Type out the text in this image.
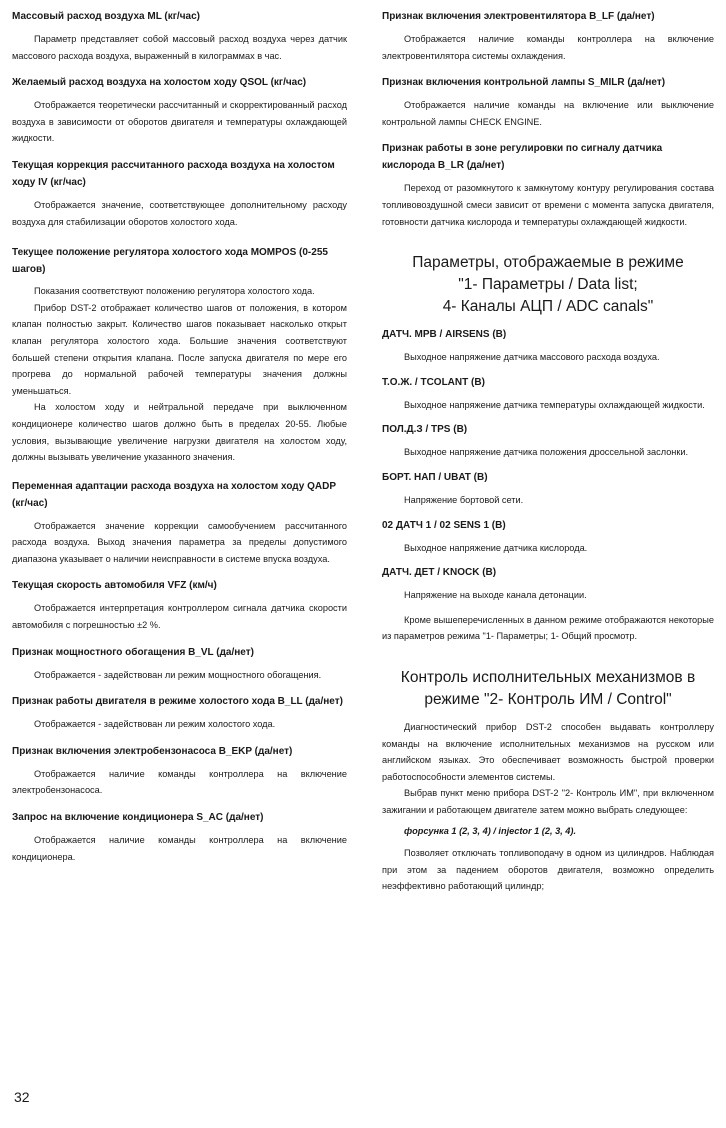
Массовый расход воздуха ML (кг/час)

Параметр представляет собой массовый расход воздуха через датчик массового расхода воздуха, выраженный в килограммах в час.

Желаемый расход воздуха на холостом ходу QSOL (кг/час)

Отображается теоретически рассчитанный и скорректированный расход воздуха в зависимости от оборотов двигателя и температуры охлаждающей жидкости.

Текущая коррекция рассчитанного расхода воздуха на холостом ходу IV (кг/час)

Отображается значение, соответствующее дополнительному расходу воздуха для стабилизации оборотов холостого хода.

Текущее положение регулятора холостого хода MOMPOS (0-255 шагов)

Показания соответствуют положению регулятора холостого хода.

Прибор DST-2 отображает количество шагов от положения, в котором клапан полностью закрыт. Количество шагов показывает насколько открыт клапан регулятора холостого хода. Большие значения соответствуют большей степени открытия клапана. После запуска двигателя по мере его прогрева до нормальной рабочей температуры значения должны уменьшаться.

На холостом ходу и нейтральной передаче при выключенном кондиционере количество шагов должно быть в пределах 20-55. Любые условия, вызывающие увеличение нагрузки двигателя на холостом ходу, должны вызывать увеличение указанного значения.

Переменная адаптации расхода воздуха на холостом ходу QADP (кг/час)

Отображается значение коррекции самообучением рассчитанного расхода воздуха. Выход значения параметра за пределы допустимого диапазона указывает о наличии неисправности в системе впуска воздуха.

Текущая скорость автомобиля VFZ (км/ч)

Отображается интерпретация контроллером сигнала датчика скорости автомобиля с погрешностью ±2 %.

Признак мощностного обогащения B_VL (да/нет)

Отображается - задействован ли режим мощностного обогащения.

Признак работы двигателя в режиме холостого хода B_LL (да/нет)

Отображается - задействован ли режим холостого хода.

Признак включения электробензонасоса B_EKP (да/нет)

Отображается наличие команды контроллера на включение электробензонасоса.

Запрос на включение кондиционера S_AC (да/нет)

Отображается наличие команды контроллера на включение кондиционера.

Признак включения электровентилятора B_LF (да/нет)

Отображается наличие команды контроллера на включение электровентилятора системы охлаждения.

Признак включения контрольной лампы S_MILR (да/нет)

Отображается наличие команды на включение или выключение контрольной лампы CHECK ENGINE.

Признак работы в зоне регулировки по сигналу датчика кислорода B_LR (да/нет)

Переход от разомкнутого к замкнутому контуру регулирования состава топливовоздушной смеси зависит от времени с момента запуска двигателя, готовности датчика кислорода и температуры охлаждающей жидкости.

Параметры, отображаемые в режиме

"1- Параметры / Data list;

4- Каналы АЦП / ADC canals"

ДАТЧ. МРВ / AIRSENS (В)

Выходное напряжение датчика массового расхода воздуха.

Т.О.Ж. / TCOLANT (В)

Выходное напряжение датчика температуры охлаждающей жидкости.

ПОЛ.Д.З / TPS (В)

Выходное напряжение датчика положения дроссельной заслонки.

БОРТ. НАП / UBAT (В)

Напряжение бортовой сети.

02 ДАТЧ 1 / 02 SENS 1 (В)

Выходное напряжение датчика кислорода.

ДАТЧ. ДЕТ / KNOCK (В)

Напряжение на выходе канала детонации.

Кроме вышеперечисленных в данном режиме отображаются некоторые из параметров режима "1- Параметры; 1- Общий просмотр.

Контроль исполнительных механизмов в

режиме "2- Контроль ИМ / Control"

Диагностический прибор DST-2 способен выдавать контроллеру команды на включение исполнительных механизмов на русском или английском языках. Это обеспечивает возможность быстрой проверки работоспособности элементов системы.

Выбрав пункт меню прибора DST-2 "2- Контроль ИМ", при включенном зажигании и работающем двигателе затем можно выбрать следующее:

форсунка 1 (2, 3, 4) / injector 1 (2, 3, 4).

Позволяет отключать топливоподачу в одном из цилиндров. Наблюдая при этом за падением оборотов двигателя, возможно определить неэффективно работающий цилиндр;

32
